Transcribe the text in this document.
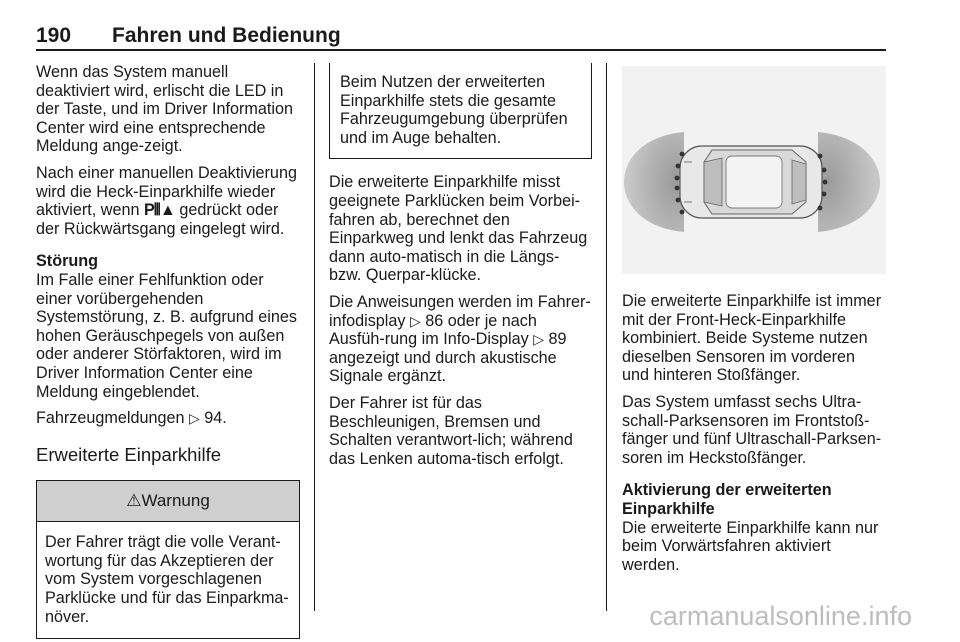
190 Fahren und Bedienung

Wenn das System manuell deaktiviert wird, erlischt die LED in der Taste, und im Driver Information Center wird eine entsprechende Meldung ange-zeigt.

Nach einer manuellen Deaktivierung wird die Heck-Einparkhilfe wieder aktiviert, wenn P⦀▲ gedrückt oder der Rückwärtsgang eingelegt wird.

Störung

Im Falle einer Fehlfunktion oder einer vorübergehenden Systemstörung, z. B. aufgrund eines hohen Geräuschpegels von außen oder anderer Störfaktoren, wird im Driver Information Center eine Meldung eingeblendet.

Fahrzeugmeldungen ▷ 94.

Erweiterte Einparkhilfe
⚠Warnung
Der Fahrer trägt die volle Verant-wortung für das Akzeptieren der vom System vorgeschlagenen Parklücke und für das Einparkma-növer.
Beim Nutzen der erweiterten Einparkhilfe stets die gesamte Fahrzeugumgebung überprüfen und im Auge behalten.

Die erweiterte Einparkhilfe misst geeignete Parklücken beim Vorbei-fahren ab, berechnet den Einparkweg und lenkt das Fahrzeug dann auto-matisch in die Längs- bzw. Querpar-klücke.

Die Anweisungen werden im Fahrer-infodisplay ▷ 86 oder je nach Ausfüh-rung im Info-Display ▷ 89 angezeigt und durch akustische Signale ergänzt.

Der Fahrer ist für das Beschleunigen, Bremsen und Schalten verantwort-lich; während das Lenken automa-tisch erfolgt.

Die erweiterte Einparkhilfe ist immer mit der Front-Heck-Einparkhilfe kombiniert. Beide Systeme nutzen dieselben Sensoren im vorderen und hinteren Stoßfänger.

Das System umfasst sechs Ultra-schall-Parksensoren im Frontstoß-fänger und fünf Ultraschall-Parksen-soren im Heckstoßfänger.

Aktivierung der erweiterten Einparkhilfe

Die erweiterte Einparkhilfe kann nur beim Vorwärtsfahren aktiviert werden.

carmanualsonline.info
